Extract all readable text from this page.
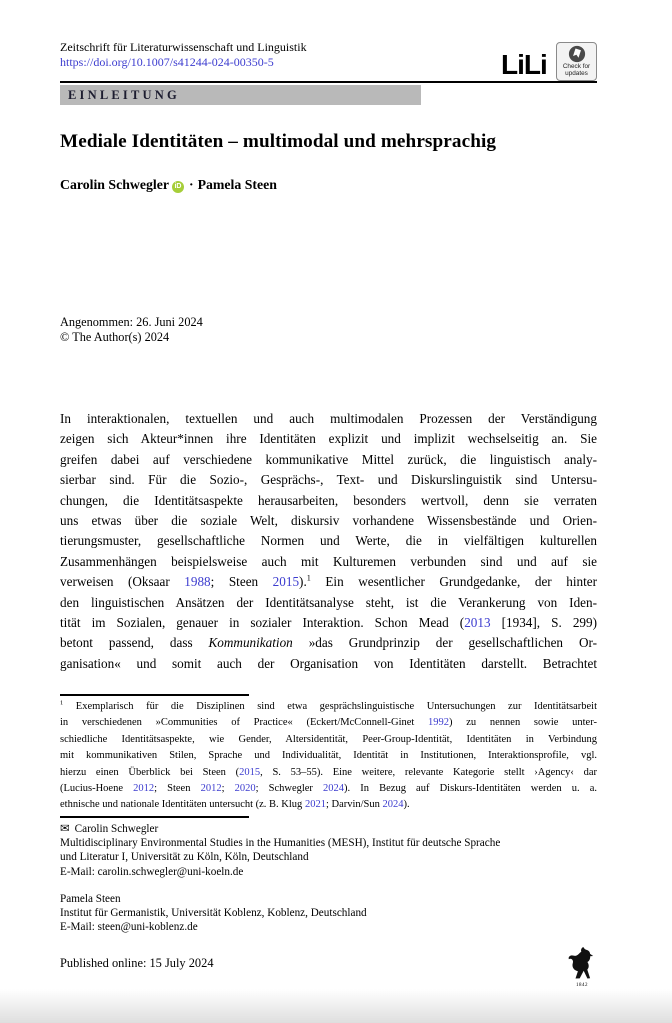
Zeitschrift für Literaturwissenschaft und Linguistik
https://doi.org/10.1007/s41244-024-00350-5	LiLi	Check for
updates
EINLEITUNG
Mediale Identitäten – multimodal und mehrsprachig
Carolin Schwegler iD · Pamela Steen
Angenommen: 26. Juni 2024
© The Author(s) 2024
In interaktionalen, textuellen und auch multimodalen Prozessen der Verständigung
zeigen sich Akteur*innen ihre Identitäten explizit und implizit wechselseitig an. Sie
greifen dabei auf verschiedene kommunikative Mittel zurück, die linguistisch analy-
sierbar sind. Für die Sozio-, Gesprächs-, Text- und Diskurslinguistik sind Untersu-
chungen, die Identitätsaspekte herausarbeiten, besonders wertvoll, denn sie verraten
uns etwas über die soziale Welt, diskursiv vorhandene Wissensbestände und Orien-
tierungsmuster, gesellschaftliche Normen und Werte, die in vielfältigen kulturellen
Zusammenhängen beispielsweise auch mit Kulturemen verbunden sind und auf sie
verweisen (Oksaar 1988; Steen 2015).$^1$ Ein wesentlicher Grundgedanke, der hinter
den linguistischen Ansätzen der Identitätsanalyse steht, ist die Verankerung von Iden-
tität im Sozialen, genauer in sozialer Interaktion. Schon Mead (2013 [1934], S. 299)
betont passend, dass Kommunikation »das Grundprinzip der gesellschaftlichen Or-
ganisation« und somit auch der Organisation von Identitäten darstellt. Betrachtet
$^1$ Exemplarisch für die Disziplinen sind etwa gesprächslinguistische Untersuchungen zur Identitätsarbeit
in verschiedenen »Communities of Practice« (Eckert/McConnell-Ginet 1992) zu nennen sowie unter-
schiedliche Identitätsaspekte, wie Gender, Altersidentität, Peer-Group-Identität, Identitäten in Verbindung
mit kommunikativen Stilen, Sprache und Individualität, Identität in Institutionen, Interaktionsprofile, vgl.
hierzu einen Überblick bei Steen (2015, S. 53–55). Eine weitere, relevante Kategorie stellt ›Agency‹ dar
(Lucius-Hoene 2012; Steen 2012; 2020; Schwegler 2024). In Bezug auf Diskurs-Identitäten werden u. a.
ethnische und nationale Identitäten untersucht (z. B. Klug 2021; Darvin/Sun 2024).
✉ Carolin Schwegler
Multidisciplinary Environmental Studies in the Humanities (MESH), Institut für deutsche Sprache
und Literatur I, Universität zu Köln, Köln, Deutschland
E-Mail: carolin.schwegler@uni-koeln.de
Pamela Steen
Institut für Germanistik, Universität Koblenz, Koblenz, Deutschland
E-Mail: steen@uni-koblenz.de
Published online: 15 July 2024
1842
